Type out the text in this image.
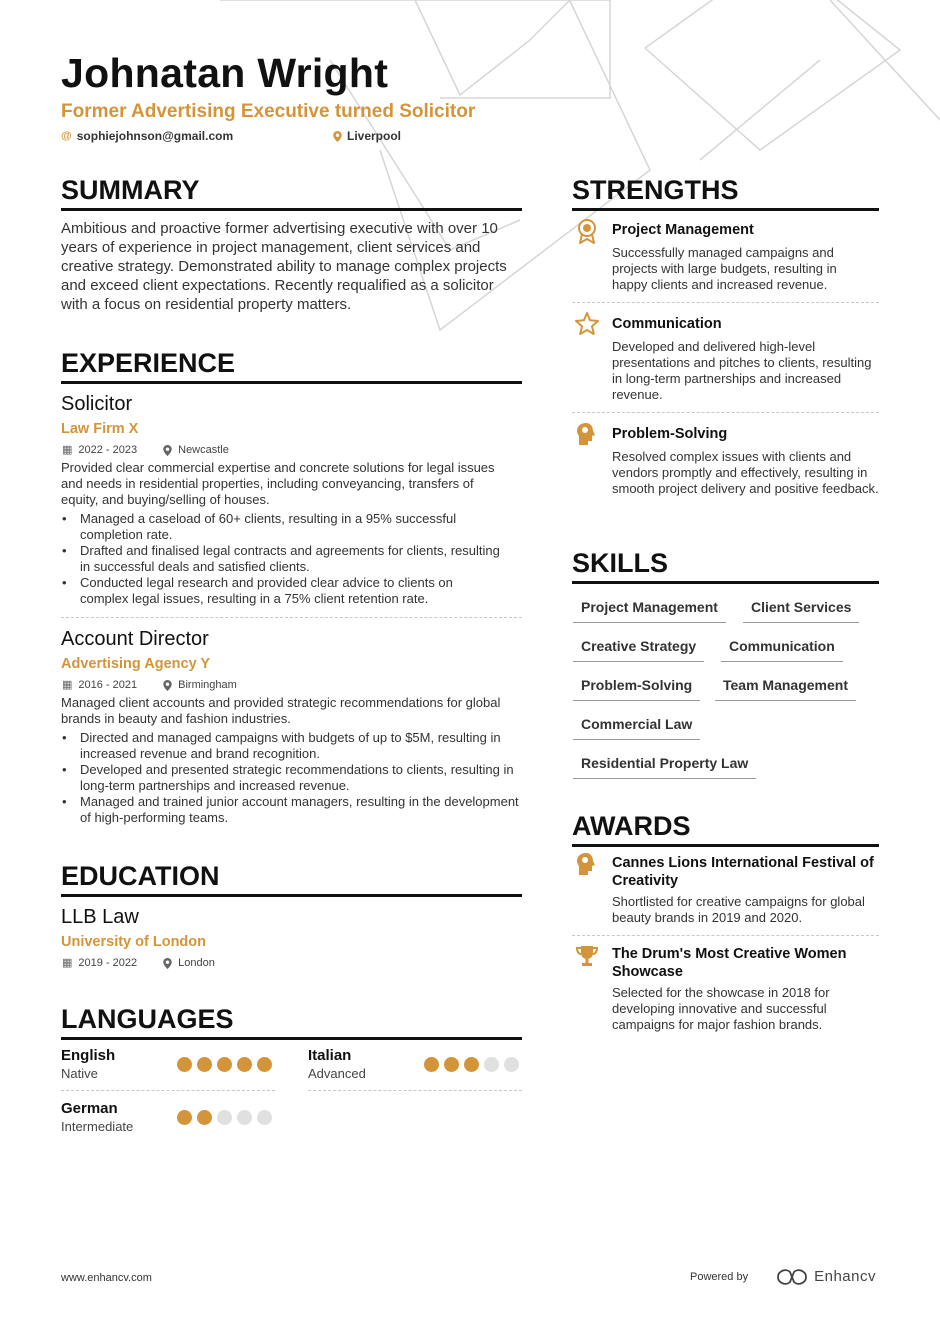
Johnatan Wright
Former Advertising Executive turned Solicitor
@ sophiejohnson@gmail.com	Liverpool
SUMMARY
Ambitious and proactive former advertising executive with over 10 years of experience in project management, client services and creative strategy. Demonstrated ability to manage complex projects and exceed client expectations. Recently requalified as a solicitor with a focus on residential property matters.
EXPERIENCE
Solicitor
Law Firm X
▦ 2022 - 2023	Newcastle
Provided clear commercial expertise and concrete solutions for legal issues and needs in residential properties, including conveyancing, transfers of equity, and buying/selling of houses.
• Managed a caseload of 60+ clients, resulting in a 95% successful completion rate.
• Drafted and finalised legal contracts and agreements for clients, resulting in successful deals and satisfied clients.
• Conducted legal research and provided clear advice to clients on complex legal issues, resulting in a 75% client retention rate.
Account Director
Advertising Agency Y
▦ 2016 - 2021	Birmingham
Managed client accounts and provided strategic recommendations for global brands in beauty and fashion industries.
• Directed and managed campaigns with budgets of up to $5M, resulting in increased revenue and brand recognition.
• Developed and presented strategic recommendations to clients, resulting in long-term partnerships and increased revenue.
• Managed and trained junior account managers, resulting in the development of high-performing teams.
EDUCATION
LLB Law
University of London
▦ 2019 - 2022	London
LANGUAGES
English
Native
Italian
Advanced
German
Intermediate
STRENGTHS
Project Management
Successfully managed campaigns and projects with large budgets, resulting in happy clients and increased revenue.
Communication
Developed and delivered high-level presentations and pitches to clients, resulting in long-term partnerships and increased revenue.
Problem-Solving
Resolved complex issues with clients and vendors promptly and effectively, resulting in smooth project delivery and positive feedback.
SKILLS
Project Management	Client Services
Creative Strategy	Communication
Problem-Solving	Team Management
Commercial Law
Residential Property Law
AWARDS
Cannes Lions International Festival of Creativity
Shortlisted for creative campaigns for global beauty brands in 2019 and 2020.
The Drum's Most Creative Women Showcase
Selected for the showcase in 2018 for developing innovative and successful campaigns for major fashion brands.
www.enhancv.com	Powered by	Enhancv
